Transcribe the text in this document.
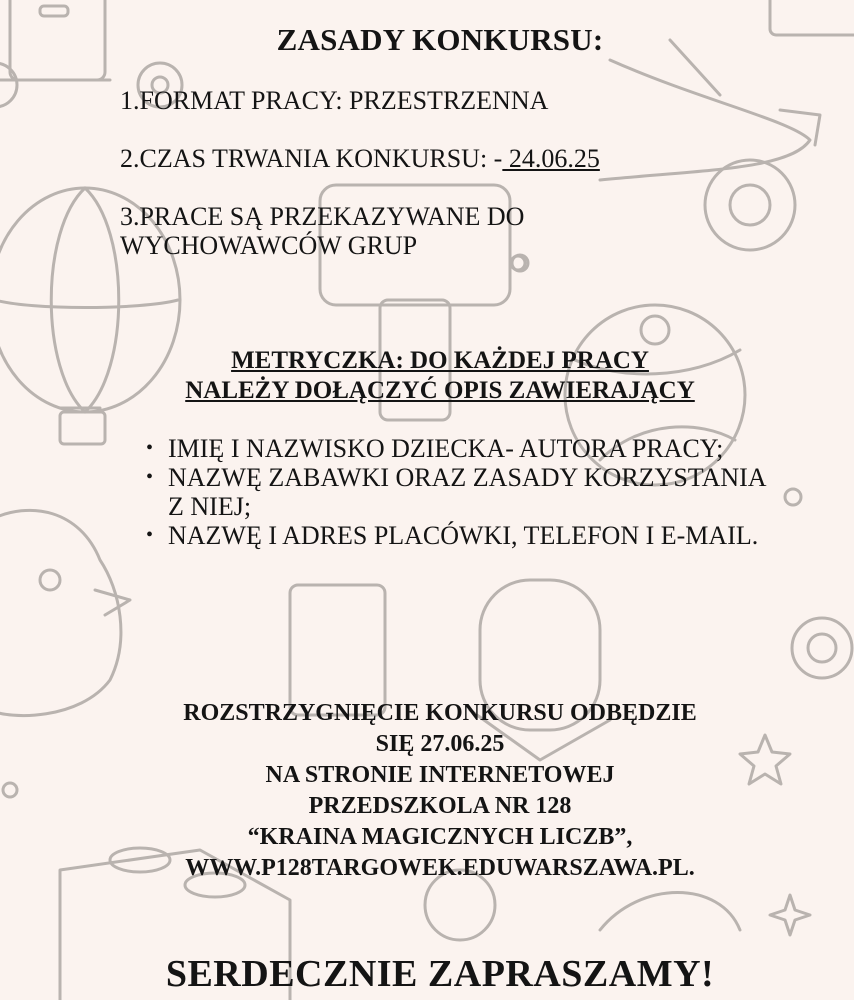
ZASADY KONKURSU:
1.FORMAT PRACY: PRZESTRZENNA
2.CZAS TRWANIA KONKURSU: - 24.06.25
3.PRACE SĄ PRZEKAZYWANE DO WYCHOWAWCÓW GRUP
METRYCZKA: DO KAŻDEJ PRACY
NALEŻY DOŁĄCZYĆ OPIS ZAWIERAJĄCY
• IMIĘ I NAZWISKO DZIECKA- AUTORA PRACY;
• NAZWĘ ZABAWKI ORAZ ZASADY KORZYSTANIA Z NIEJ;
• NAZWĘ I ADRES PLACÓWKI, TELEFON I E-MAIL.
ROZSTRZYGNIĘCIE KONKURSU ODBĘDZIE
SIĘ 27.06.25
NA STRONIE INTERNETOWEJ
PRZEDSZKOLA NR 128
“KRAINA MAGICZNYCH LICZB”,
WWW.P128TARGOWEK.EDUWARSZAWA.PL.
SERDECZNIE ZAPRASZAMY!
